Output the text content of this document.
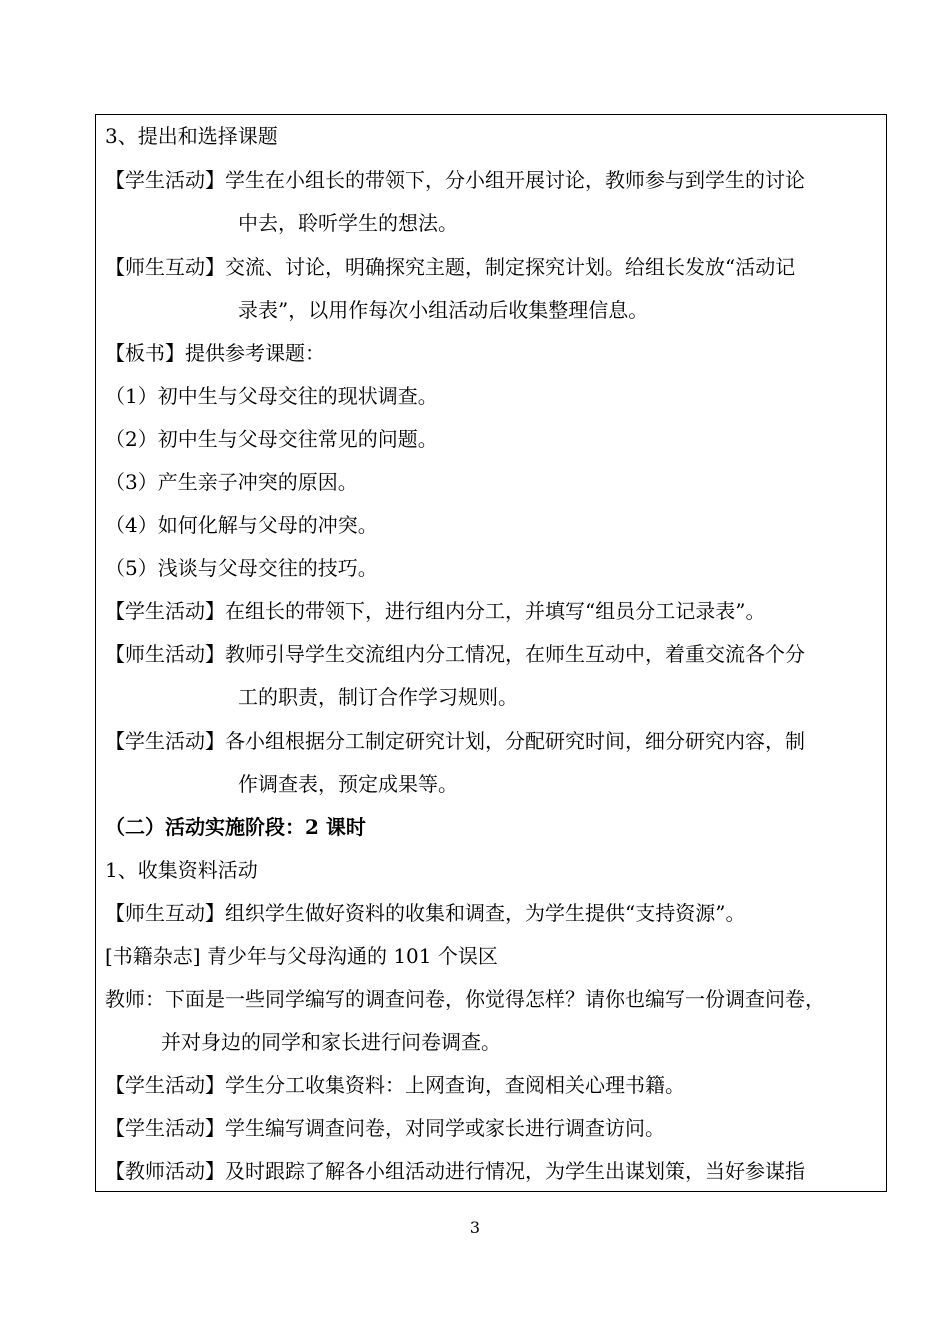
3、提出和选择课题
【学生活动】学生在小组长的带领下，分小组开展讨论，教师参与到学生的讨论
中去，聆听学生的想法。
【师生互动】交流、讨论，明确探究主题，制定探究计划。给组长发放“活动记
录表”，以用作每次小组活动后收集整理信息。
【板书】提供参考课题：
（1）初中生与父母交往的现状调查。
（2）初中生与父母交往常见的问题。
（3）产生亲子冲突的原因。
（4）如何化解与父母的冲突。
（5）浅谈与父母交往的技巧。
【学生活动】在组长的带领下，进行组内分工，并填写“组员分工记录表”。
【师生活动】教师引导学生交流组内分工情况，在师生互动中，着重交流各个分
工的职责，制订合作学习规则。
【学生活动】各小组根据分工制定研究计划，分配研究时间，细分研究内容，制
作调查表，预定成果等。
（二）活动实施阶段：2 课时
1、收集资料活动
【师生互动】组织学生做好资料的收集和调查，为学生提供“支持资源”。
[书籍杂志] 青少年与父母沟通的 101 个误区
教师：下面是一些同学编写的调查问卷，你觉得怎样？请你也编写一份调查问卷，
并对身边的同学和家长进行问卷调查。
【学生活动】学生分工收集资料：上网查询，查阅相关心理书籍。
【学生活动】学生编写调查问卷，对同学或家长进行调查访问。
【教师活动】及时跟踪了解各小组活动进行情况，为学生出谋划策，当好参谋指
3
